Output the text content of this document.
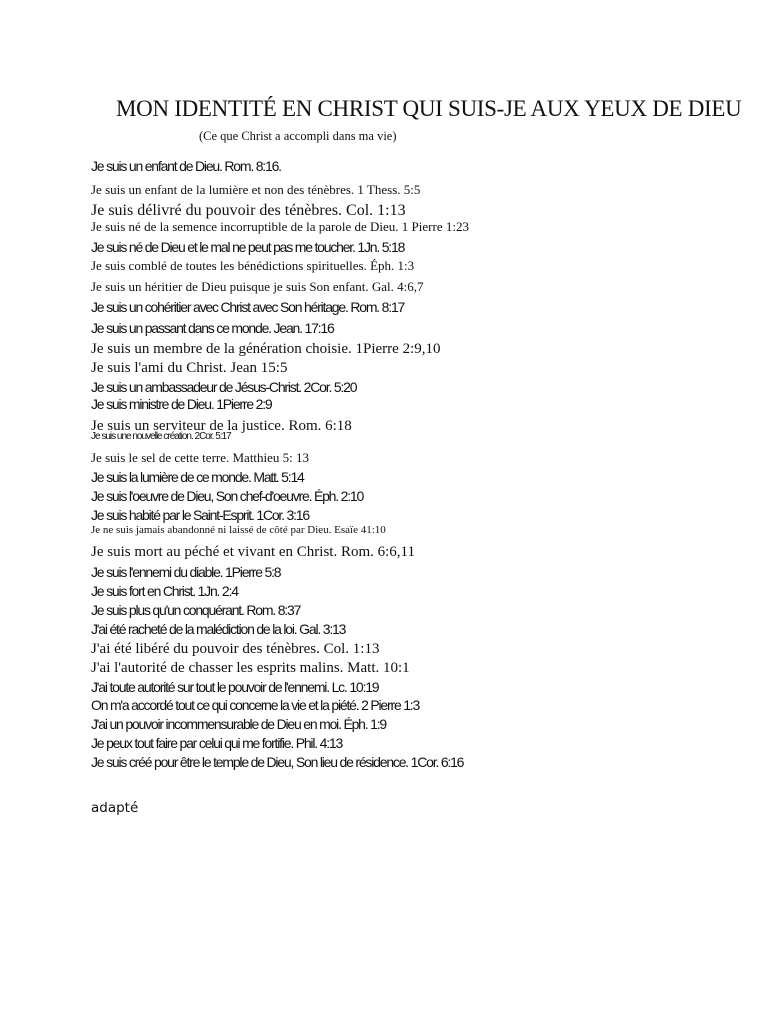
MON IDENTITÉ EN CHRIST QUI SUIS-JE AUX YEUX DE DIEU
(Ce que Christ a accompli dans ma vie)
Je suis un enfant de Dieu. Rom. 8:16.
Je suis un enfant de la lumière et non des ténèbres. 1 Thess. 5:5
Je suis délivré du pouvoir des ténèbres. Col. 1:13
Je suis né de la semence incorruptible de la parole de Dieu. 1 Pierre 1:23
Je suis né de Dieu et le mal ne peut pas me toucher. 1Jn. 5:18
Je suis comblé de toutes les bénédictions spirituelles. Éph. 1:3
Je suis un héritier de Dieu puisque je suis Son enfant. Gal. 4:6,7
Je suis un cohéritier avec Christ avec Son héritage. Rom. 8:17
Je suis un passant dans ce monde. Jean. 17:16
Je suis un membre de la génération choisie. 1Pierre 2:9,10
Je suis l'ami du Christ. Jean 15:5
Je suis un ambassadeur de Jésus-Christ. 2Cor. 5:20
Je suis ministre de Dieu. 1Pierre 2:9
Je suis un serviteur de la justice. Rom. 6:18
Je suis une nouvelle création. 2Cor. 5:17
Je suis le sel de cette terre. Matthieu 5: 13
Je suis la lumière de ce monde. Matt. 5:14
Je suis l'oeuvre de Dieu, Son chef-d'oeuvre. Éph. 2:10
Je suis habité par le Saint-Esprit. 1Cor. 3:16
Je ne suis jamais abandonné ni laissé de côté par Dieu. Esaïe 41:10
Je suis mort au péché et vivant en Christ. Rom. 6:6,11
Je suis l'ennemi du diable. 1Pierre 5:8
Je suis fort en Christ. 1Jn. 2:4
Je suis plus qu'un conquérant. Rom. 8:37
J'ai été racheté de la malédiction de la loi. Gal. 3:13
J'ai été libéré du pouvoir des ténèbres. Col. 1:13
J'ai l'autorité de chasser les esprits malins. Matt. 10:1
J'ai toute autorité sur tout le pouvoir de l'ennemi. Lc. 10:19
On m'a accordé tout ce qui concerne la vie et la piété. 2 Pierre 1:3
J'ai un pouvoir incommensurable de Dieu en moi. Éph. 1:9
Je peux tout faire par celui qui me fortifie. Phil. 4:13
Je suis créé pour être le temple de Dieu, Son lieu de résidence. 1Cor. 6:16
adapté
